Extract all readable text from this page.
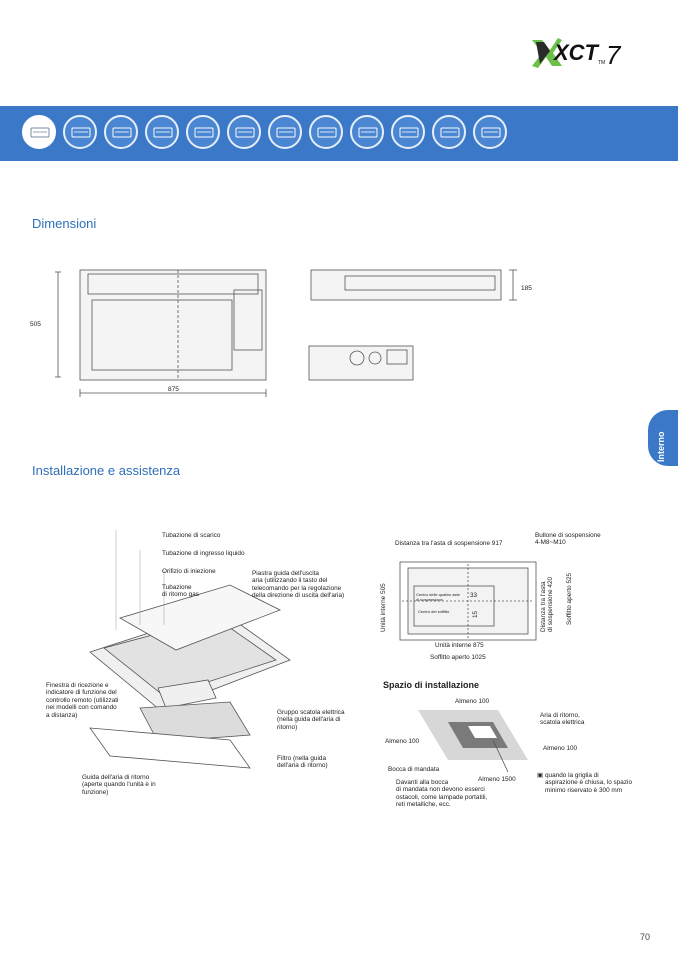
XCT TM 7
Interno
Dimensioni
Installazione e assistenza
505
875
185
Tubazione di scarico
Tubazione di ingresso liquido
Orifizio di iniezione
Tubazione
di ritorno gas
Piastra guida dell'uscita
aria (utilizzando il tasto del
telecomando per la regolazione
della direzione di uscita dell'aria)
Finestra di ricezione e
indicatore di funzione del
controllo remoto (utilizzati
nei modelli con comando
a distanza)	Gruppo scatola elettrica
(nella guida dell'aria di
ritorno)
Filtro (nella guida
dell'aria di ritorno)
Guida dell'aria di ritorno
(aperte quando l'unità è in
funzione)
Distanza tra l'asta di sospensione 917
Bullone di sospensione
4-M8~M10
Unità interne 505	Distanza tra l'asta
di sospensione 420 Soffitto aperto 525
Centro delle quattro aste
di sospensione
Centro del soffitto
33
15
Unità interne 875
Soffitto aperto 1025
Spazio di installazione
Almeno 100
Aria di ritorno,
scatola elettrica
Almeno 100
Almeno 100
Bocca di mandata
Almeno 1500
Davanti alla bocca
di mandata non devono esserci
ostacoli, come lampade portatili,
reti metalliche, ecc.
▣ quando la griglia di
aspirazione è chiusa, lo spazio
minimo riservato è 300 mm
70
